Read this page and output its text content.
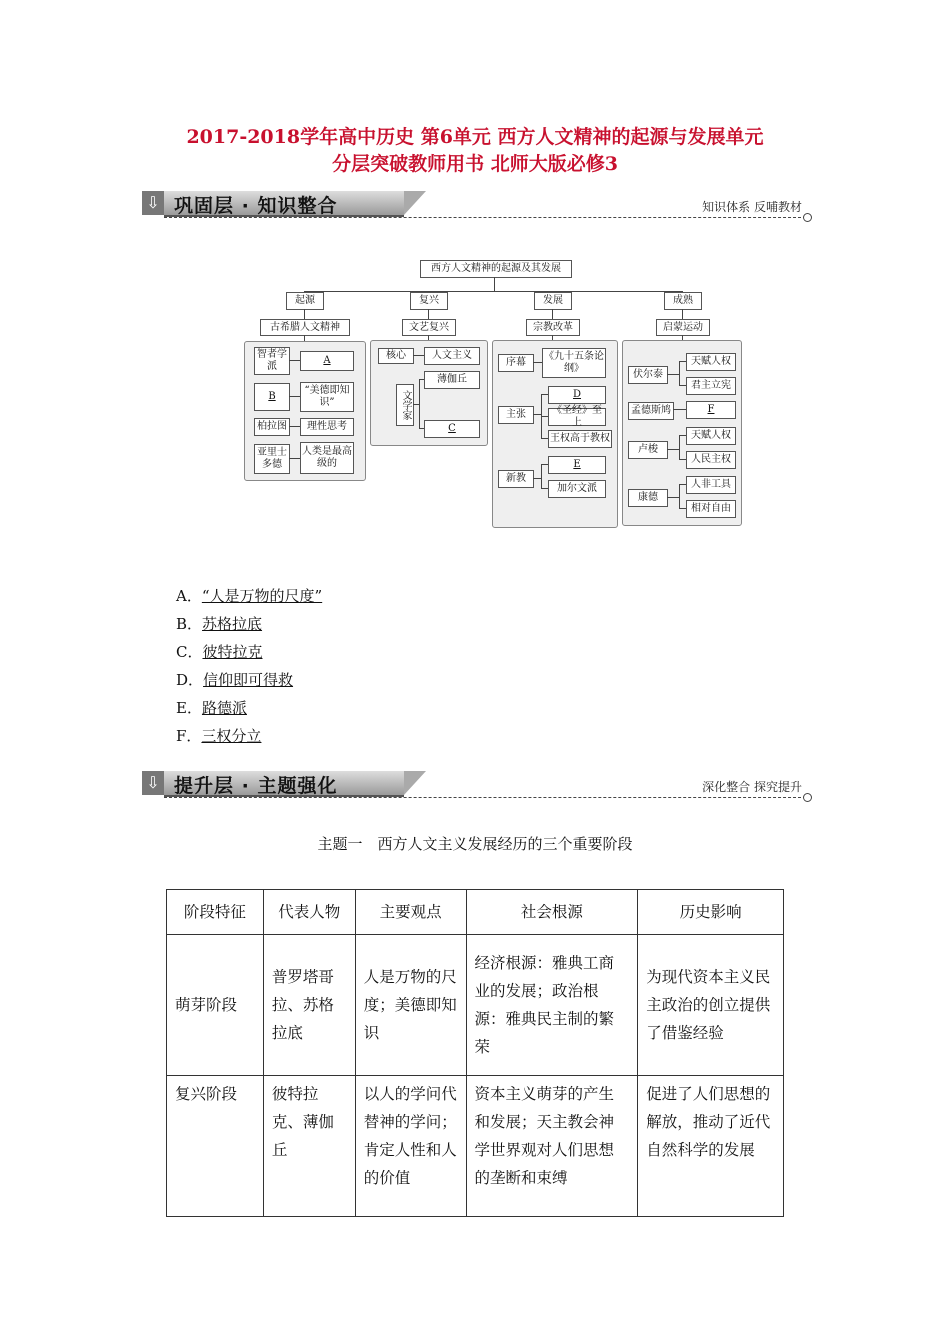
2017-2018学年高中历史 第6单元 西方人文精神的起源与发展单元
分层突破教师用书 北师大版必修3
⇩ 巩固层 · 知识整合	知识体系 反哺教材
西方人文精神的起源及其发展
起源	复兴	发展	成熟
古希腊人文精神	文艺复兴	宗教改革	启蒙运动
智者学派
A
B
“美德即知识”
柏拉图	理性思考
亚里士多德
人类是最高级的
核心	人文主义
文学家
薄伽丘
C
序幕
《九十五条论纲》
主张
D
《圣经》至上
王权高于教权
新教
E
加尔文派
伏尔泰
天赋人权
君主立宪
孟德斯鸠	F
卢梭
天赋人权
人民主权
康德
人非工具
相对自由
A．“人是万物的尺度”
B．苏格拉底
C．彼特拉克
D．信仰即可得救
E．路德派
F．三权分立
⇩ 提升层 · 主题强化	深化整合 探究提升
主题一　西方人文主义发展经历的三个重要阶段
阶段特征	代表人物	主要观点	社会根源	历史影响
萌芽阶段	普罗塔哥拉、苏格拉底	人是万物的尺度；美德即知识	经济根源：雅典工商业的发展；政治根源：雅典民主制的繁荣	为现代资本主义民主政治的创立提供了借鉴经验
复兴阶段	彼特拉克、薄伽丘	以人的学问代替神的学问；肯定人性和人的价值	资本主义萌芽的产生和发展；天主教会神学世界观对人们思想的垄断和束缚	促进了人们思想的解放，推动了近代自然科学的发展
